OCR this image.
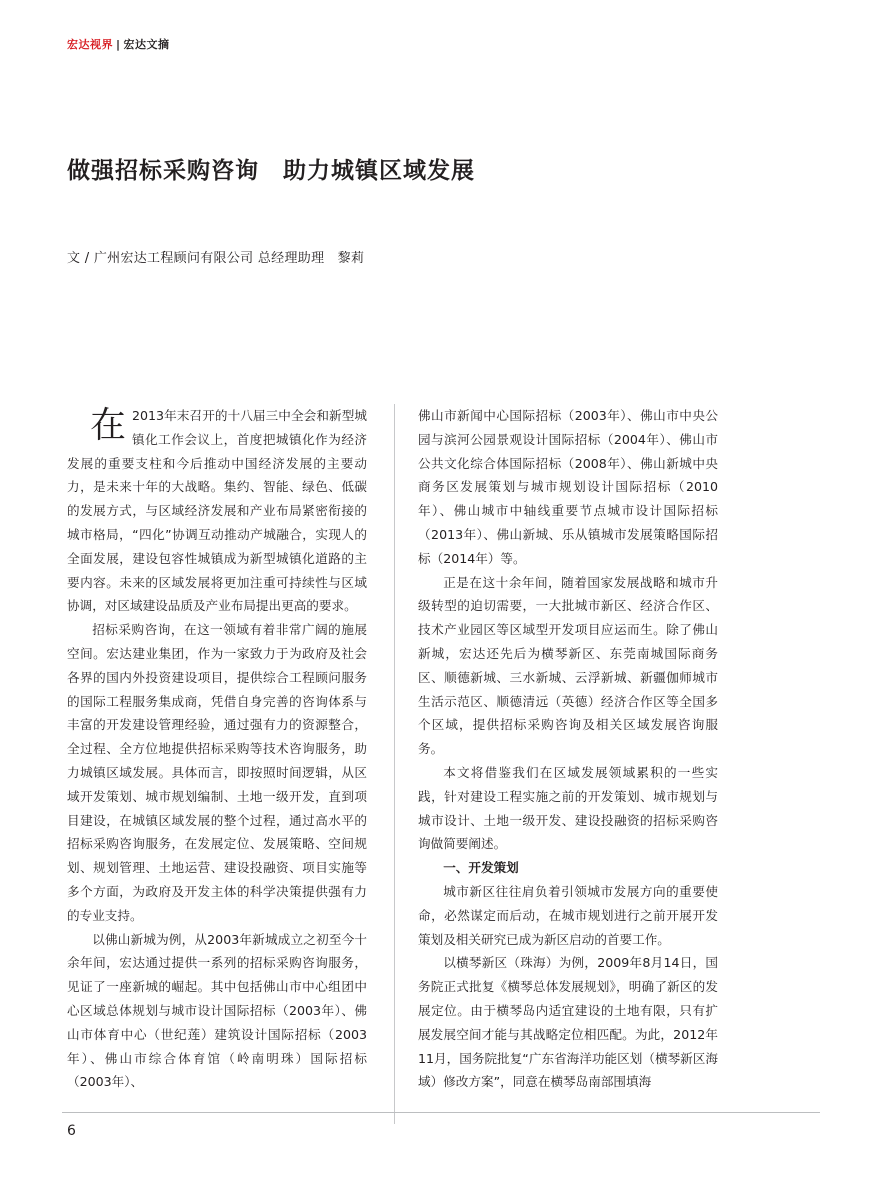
宏达视界 | 宏达文摘
做强招标采购咨询　助力城镇区域发展
文 / 广州宏达工程顾问有限公司 总经理助理　黎莉
在 2013年末召开的十八届三中全会和新型城镇化工作会议上，首度把城镇化作为经济发展的重要支柱和今后推动中国经济发展的主要动力，是未来十年的大战略。集约、智能、绿色、低碳的发展方式，与区域经济发展和产业布局紧密衔接的城市格局，“四化”协调互动推动产城融合，实现人的全面发展，建设包容性城镇成为新型城镇化道路的主要内容。未来的区域发展将更加注重可持续性与区域协调，对区域建设品质及产业布局提出更高的要求。

招标采购咨询，在这一领域有着非常广阔的施展空间。宏达建业集团，作为一家致力于为政府及社会各界的国内外投资建设项目，提供综合工程顾问服务的国际工程服务集成商，凭借自身完善的咨询体系与丰富的开发建设管理经验，通过强有力的资源整合，全过程、全方位地提供招标采购等技术咨询服务，助力城镇区域发展。具体而言，即按照时间逻辑，从区域开发策划、城市规划编制、土地一级开发，直到项目建设，在城镇区域发展的整个过程，通过高水平的招标采购咨询服务，在发展定位、发展策略、空间规划、规划管理、土地运营、建设投融资、项目实施等多个方面，为政府及开发主体的科学决策提供强有力的专业支持。

以佛山新城为例，从2003年新城成立之初至今十余年间，宏达通过提供一系列的招标采购咨询服务，见证了一座新城的崛起。其中包括佛山市中心组团中心区域总体规划与城市设计国际招标（2003年）、佛山市体育中心（世纪莲）建筑设计国际招标（2003年）、佛山市综合体育馆（岭南明珠）国际招标（2003年）、

佛山市新闻中心国际招标（2003年）、佛山市中央公园与滨河公园景观设计国际招标（2004年）、佛山市公共文化综合体国际招标（2008年）、佛山新城中央商务区发展策划与城市规划设计国际招标（2010年）、佛山城市中轴线重要节点城市设计国际招标（2013年）、佛山新城、乐从镇城市发展策略国际招标（2014年）等。

正是在这十余年间，随着国家发展战略和城市升级转型的迫切需要，一大批城市新区、经济合作区、技术产业园区等区域型开发项目应运而生。除了佛山新城，宏达还先后为横琴新区、东莞南城国际商务区、顺德新城、三水新城、云浮新城、新疆伽师城市生活示范区、顺德清远（英德）经济合作区等全国多个区域，提供招标采购咨询及相关区域发展咨询服务。

本文将借鉴我们在区域发展领域累积的一些实践，针对建设工程实施之前的开发策划、城市规划与城市设计、土地一级开发、建设投融资的招标采购咨询做简要阐述。

一、开发策划

城市新区往往肩负着引领城市发展方向的重要使命，必然谋定而后动，在城市规划进行之前开展开发策划及相关研究已成为新区启动的首要工作。

以横琴新区（珠海）为例，2009年8月14日，国务院正式批复《横琴总体发展规划》，明确了新区的发展定位。由于横琴岛内适宜建设的土地有限，只有扩展发展空间才能与其战略定位相匹配。为此，2012年11月，国务院批复“广东省海洋功能区划（横琴新区海域）修改方案”，同意在横琴岛南部围填海

6
